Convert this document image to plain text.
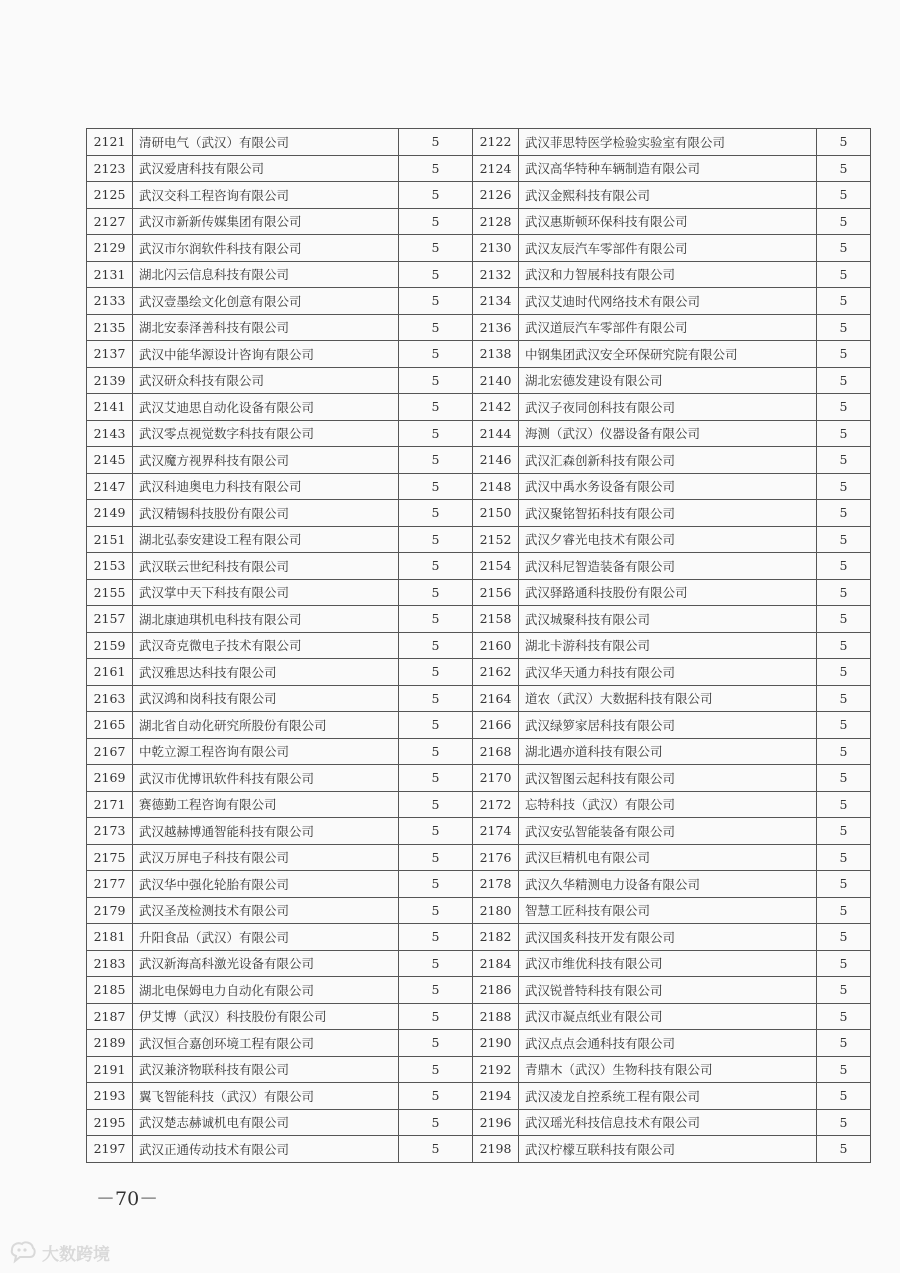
2121	清研电气（武汉）有限公司	5	2122	武汉菲思特医学检验实验室有限公司	5
2123	武汉爱唐科技有限公司	5	2124	武汉高华特种车辆制造有限公司	5
2125	武汉交科工程咨询有限公司	5	2126	武汉金熙科技有限公司	5
2127	武汉市新新传媒集团有限公司	5	2128	武汉惠斯顿环保科技有限公司	5
2129	武汉市尔润软件科技有限公司	5	2130	武汉友辰汽车零部件有限公司	5
2131	湖北闪云信息科技有限公司	5	2132	武汉和力智展科技有限公司	5
2133	武汉壹墨绘文化创意有限公司	5	2134	武汉艾迪时代网络技术有限公司	5
2135	湖北安泰泽善科技有限公司	5	2136	武汉道辰汽车零部件有限公司	5
2137	武汉中能华源设计咨询有限公司	5	2138	中钢集团武汉安全环保研究院有限公司	5
2139	武汉研众科技有限公司	5	2140	湖北宏德发建设有限公司	5
2141	武汉艾迪思自动化设备有限公司	5	2142	武汉子夜同创科技有限公司	5
2143	武汉零点视觉数字科技有限公司	5	2144	海测（武汉）仪器设备有限公司	5
2145	武汉魔方视界科技有限公司	5	2146	武汉汇森创新科技有限公司	5
2147	武汉科迪奥电力科技有限公司	5	2148	武汉中禹水务设备有限公司	5
2149	武汉精锡科技股份有限公司	5	2150	武汉聚铭智拓科技有限公司	5
2151	湖北弘泰安建设工程有限公司	5	2152	武汉夕睿光电技术有限公司	5
2153	武汉联云世纪科技有限公司	5	2154	武汉科尼智造装备有限公司	5
2155	武汉掌中天下科技有限公司	5	2156	武汉驿路通科技股份有限公司	5
2157	湖北康迪琪机电科技有限公司	5	2158	武汉城聚科技有限公司	5
2159	武汉奇克微电子技术有限公司	5	2160	湖北卡游科技有限公司	5
2161	武汉雅思达科技有限公司	5	2162	武汉华天通力科技有限公司	5
2163	武汉鸿和岗科技有限公司	5	2164	道农（武汉）大数据科技有限公司	5
2165	湖北省自动化研究所股份有限公司	5	2166	武汉绿箩家居科技有限公司	5
2167	中乾立源工程咨询有限公司	5	2168	湖北遇亦道科技有限公司	5
2169	武汉市优博讯软件科技有限公司	5	2170	武汉智图云起科技有限公司	5
2171	赛德勤工程咨询有限公司	5	2172	忘特科技（武汉）有限公司	5
2173	武汉越赫博通智能科技有限公司	5	2174	武汉安弘智能装备有限公司	5
2175	武汉万屏电子科技有限公司	5	2176	武汉巨精机电有限公司	5
2177	武汉华中强化轮胎有限公司	5	2178	武汉久华精测电力设备有限公司	5
2179	武汉圣茂检测技术有限公司	5	2180	智慧工匠科技有限公司	5
2181	升阳食品（武汉）有限公司	5	2182	武汉国炙科技开发有限公司	5
2183	武汉新海高科激光设备有限公司	5	2184	武汉市维优科技有限公司	5
2185	湖北电保姆电力自动化有限公司	5	2186	武汉锐普特科技有限公司	5
2187	伊艾博（武汉）科技股份有限公司	5	2188	武汉市凝点纸业有限公司	5
2189	武汉恒合嘉创环境工程有限公司	5	2190	武汉点点会通科技有限公司	5
2191	武汉兼济物联科技有限公司	5	2192	青鼎木（武汉）生物科技有限公司	5
2193	翼飞智能科技（武汉）有限公司	5	2194	武汉凌龙自控系统工程有限公司	5
2195	武汉楚志赫诚机电有限公司	5	2196	武汉瑶光科技信息技术有限公司	5
2197	武汉正通传动技术有限公司	5	2198	武汉柠檬互联科技有限公司	5
－70－
大数跨境
